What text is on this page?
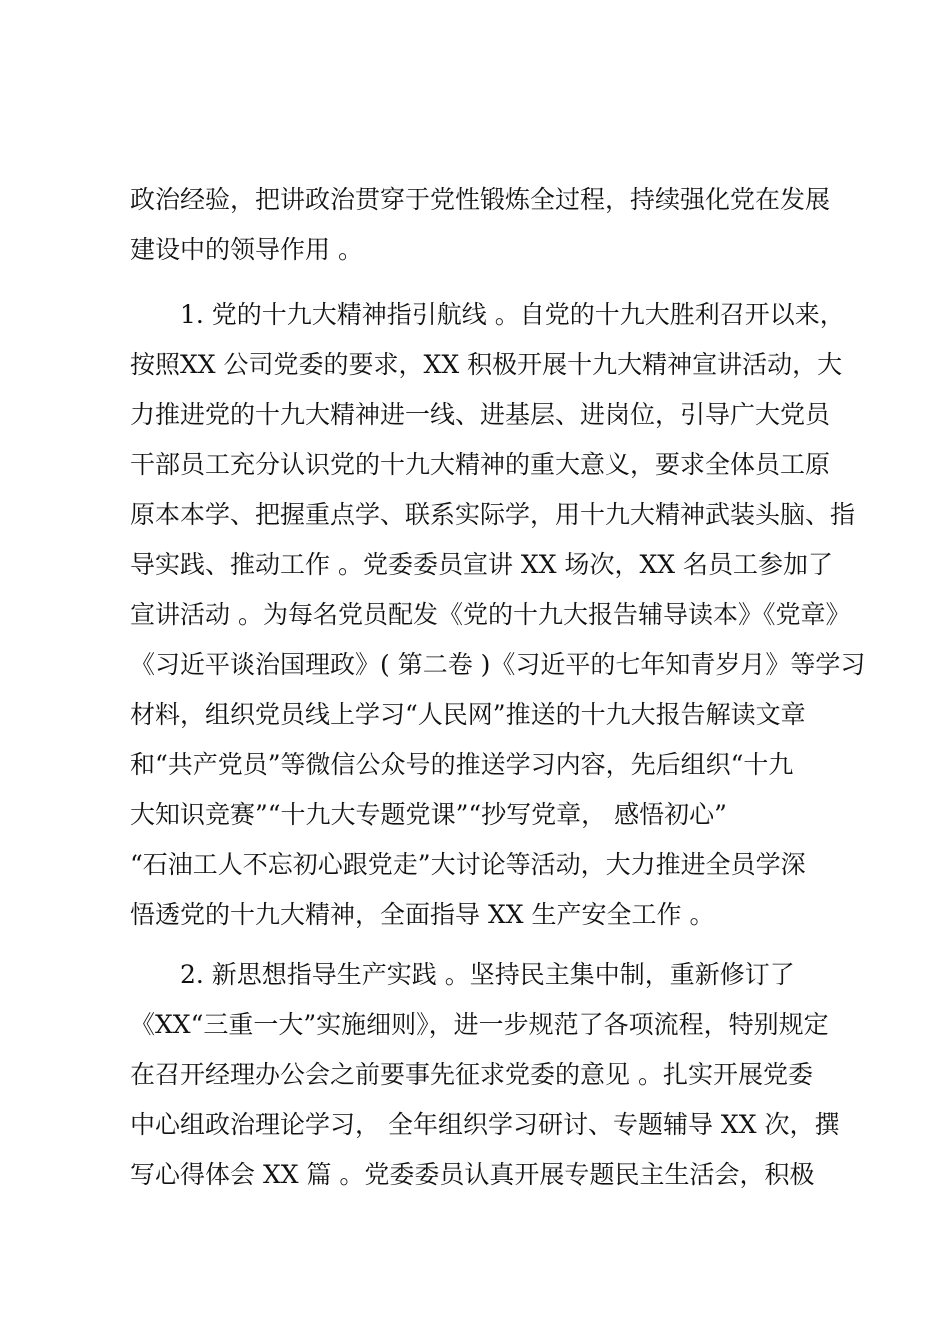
政治经验，把讲政治贯穿于党性锻炼全过程，持续强化党在发展
建设中的领导作用 。
1. 党的十九大精神指引航线 。自党的十九大胜利召开以来，
按照XX 公司党委的要求，XX 积极开展十九大精神宣讲活动，大
力推进党的十九大精神进一线、进基层、进岗位，引导广大党员
干部员工充分认识党的十九大精神的重大意义，要求全体员工原
原本本学、把握重点学、联系实际学，用十九大精神武装头脑、指
导实践、推动工作 。党委委员宣讲 XX 场次，XX 名员工参加了
宣讲活动 。为每名党员配发《党的十九大报告辅导读本》《党章》
《习近平谈治国理政》( 第二卷 )《习近平的七年知青岁月》等学习
材料，组织党员线上学习“人民网”推送的十九大报告解读文章
和“共产党员”等微信公众号的推送学习内容，先后组织“十九
大知识竞赛”“十九大专题党课”“抄写党章， 感悟初心”
“石油工人不忘初心跟党走”大讨论等活动，大力推进全员学深
悟透党的十九大精神，全面指导 XX 生产安全工作 。
2. 新思想指导生产实践 。坚持民主集中制，重新修订了
《XX“三重一大”实施细则》，进一步规范了各项流程，特别规定
在召开经理办公会之前要事先征求党委的意见 。扎实开展党委
中心组政治理论学习， 全年组织学习研讨、专题辅导 XX 次，撰
写心得体会 XX 篇 。党委委员认真开展专题民主生活会，积极
